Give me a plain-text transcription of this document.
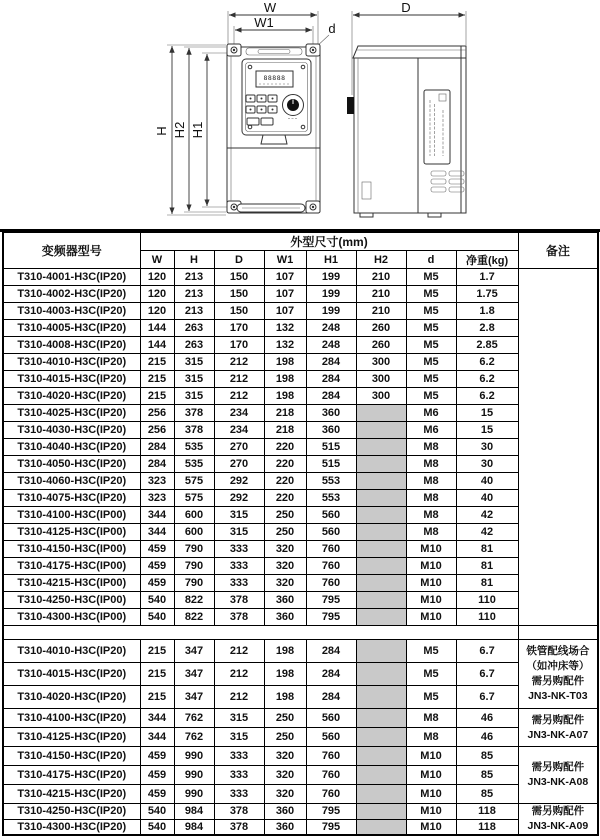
W
W1	d
H H2 H1
88888
D
变频器型号	外型尺寸(mm)								备注
	W	H	D	W1	H1	H2	d	净重(kg)	
T310-4001-H3C(IP20)	120	213	150	107	199	210	M5	1.7	
T310-4002-H3C(IP20)	120	213	150	107	199	210	M5	1.75	
T310-4003-H3C(IP20)	120	213	150	107	199	210	M5	1.8	
T310-4005-H3C(IP20)	144	263	170	132	248	260	M5	2.8	
T310-4008-H3C(IP20)	144	263	170	132	248	260	M5	2.85	
T310-4010-H3C(IP20)	215	315	212	198	284	300	M5	6.2	
T310-4015-H3C(IP20)	215	315	212	198	284	300	M5	6.2	
T310-4020-H3C(IP20)	215	315	212	198	284	300	M5	6.2	
T310-4025-H3C(IP20)	256	378	234	218	360		M6	15	
T310-4030-H3C(IP20)	256	378	234	218	360		M6	15	
T310-4040-H3C(IP20)	284	535	270	220	515		M8	30	
T310-4050-H3C(IP20)	284	535	270	220	515		M8	30	
T310-4060-H3C(IP20)	323	575	292	220	553		M8	40	
T310-4075-H3C(IP20)	323	575	292	220	553		M8	40	
T310-4100-H3C(IP00)	344	600	315	250	560		M8	42	
T310-4125-H3C(IP00)	344	600	315	250	560		M8	42	
T310-4150-H3C(IP00)	459	790	333	320	760		M10	81	
T310-4175-H3C(IP00)	459	790	333	320	760		M10	81	
T310-4215-H3C(IP00)	459	790	333	320	760		M10	81	
T310-4250-H3C(IP00)	540	822	378	360	795		M10	110	
T310-4300-H3C(IP00)	540	822	378	360	795		M10	110	

T310-4010-H3C(IP20)	215	347	212	198	284		M5	6.7	铁管配线场合
（如冲床等）
需另购配件
JN3-NK-T03

T310-4015-H3C(IP20)	215	347	212	198	284		M5	6.7	
T310-4020-H3C(IP20)	215	347	212	198	284		M5	6.7	
T310-4100-H3C(IP20)	344	762	315	250	560		M8	46	需另购配件
JN3-NK-A07

T310-4125-H3C(IP20)	344	762	315	250	560		M8	46	
T310-4150-H3C(IP20)	459	990	333	320	760		M10	85	需另购配件
JN3-NK-A08

T310-4175-H3C(IP20)	459	990	333	320	760		M10	85	
T310-4215-H3C(IP20)	459	990	333	320	760		M10	85	
T310-4250-H3C(IP20)	540	984	378	360	795		M10	118	需另购配件
JN3-NK-A09

T310-4300-H3C(IP20)	540	984	378	360	795		M10	118	
